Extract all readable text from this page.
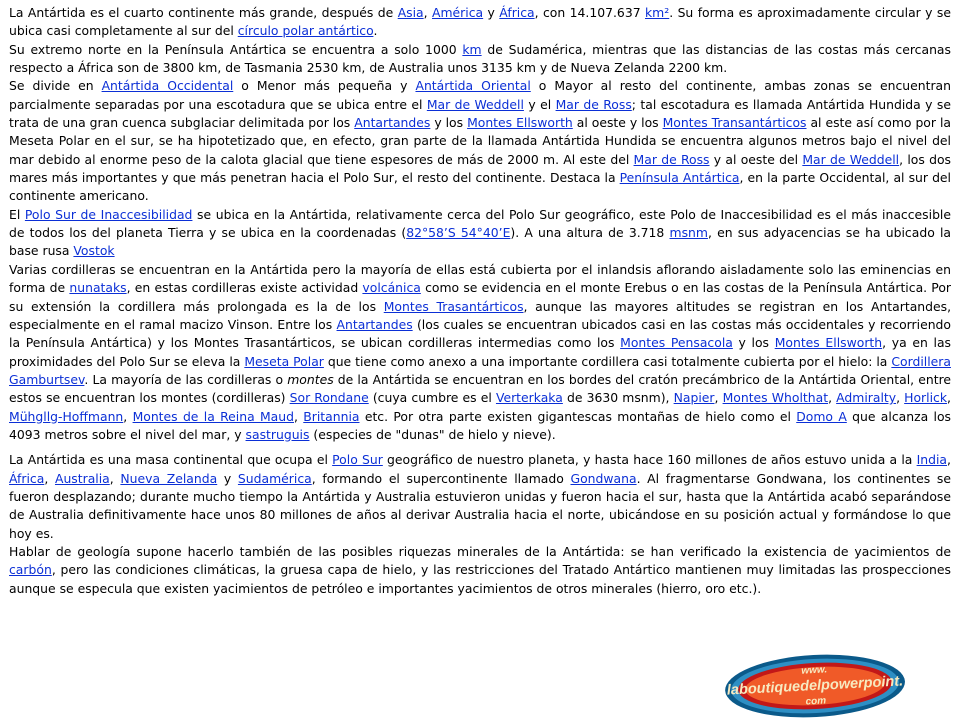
La Antártida es el cuarto continente más grande, después de Asia, América y África, con 14.107.637 km². Su forma es aproximadamente circular y se ubica casi completamente al sur del círculo polar antártico.

Su extremo norte en la Península Antártica se encuentra a solo 1000 km de Sudamérica, mientras que las distancias de las costas más cercanas respecto a África son de 3800 km, de Tasmania 2530 km, de Australia unos 3135 km y de Nueva Zelanda 2200 km.

Se divide en Antártida Occidental o Menor más pequeña y Antártida Oriental o Mayor al resto del continente, ambas zonas se encuentran parcialmente separadas por una escotadura que se ubica entre el Mar de Weddell y el Mar de Ross; tal escotadura es llamada Antártida Hundida y se trata de una gran cuenca subglaciar delimitada por los Antartandes y los Montes Ellsworth al oeste y los Montes Transantárticos al este así como por la Meseta Polar en el sur, se ha hipotetizado que, en efecto, gran parte de la llamada Antártida Hundida se encuentra algunos metros bajo el nivel del mar debido al enorme peso de la calota glacial que tiene espesores de más de 2000 m. Al este del Mar de Ross y al oeste del Mar de Weddell, los dos mares más importantes y que más penetran hacia el Polo Sur, el resto del continente. Destaca la Península Antártica, en la parte Occidental, al sur del continente americano.

El Polo Sur de Inaccesibilidad se ubica en la Antártida, relativamente cerca del Polo Sur geográfico, este Polo de Inaccesibilidad es el más inaccesible de todos los del planeta Tierra y se ubica en la coordenadas (82°58’S 54°40’E). A una altura de 3.718 msnm, en sus adyacencias se ha ubicado la base rusa Vostok

Varias cordilleras se encuentran en la Antártida pero la mayoría de ellas está cubierta por el inlandsis aflorando aisladamente solo las eminencias en forma de nunataks, en estas cordilleras existe actividad volcánica como se evidencia en el monte Erebus o en las costas de la Península Antártica. Por su extensión la cordillera más prolongada es la de los Montes Trasantárticos, aunque las mayores altitudes se registran en los Antartandes, especialmente en el ramal macizo Vinson. Entre los Antartandes (los cuales se encuentran ubicados casi en las costas más occidentales y recorriendo la Península Antártica) y los Montes Trasantárticos, se ubican cordilleras intermedias como los Montes Pensacola y los Montes Ellsworth, ya en las proximidades del Polo Sur se eleva la Meseta Polar que tiene como anexo a una importante cordillera casi totalmente cubierta por el hielo: la Cordillera Gamburtsev. La mayoría de las cordilleras o montes de la Antártida se encuentran en los bordes del cratón precámbrico de la Antártida Oriental, entre estos se encuentran los montes (cordilleras) Sor Rondane (cuya cumbre es el Verterkaka de 3630 msnm), Napier, Montes Wholthat, Admiralty, Horlick, Mühgllg-Hoffmann, Montes de la Reina Maud, Britannia etc. Por otra parte existen gigantescas montañas de hielo como el Domo A que alcanza los 4093 metros sobre el nivel del mar, y sastruguis (especies de "dunas" de hielo y nieve).

La Antártida es una masa continental que ocupa el Polo Sur geográfico de nuestro planeta, y hasta hace 160 millones de años estuvo unida a la India, África, Australia, Nueva Zelanda y Sudamérica, formando el supercontinente llamado Gondwana. Al fragmentarse Gondwana, los continentes se fueron desplazando; durante mucho tiempo la Antártida y Australia estuvieron unidas y fueron hacia el sur, hasta que la Antártida acabó separándose de Australia definitivamente hace unos 80 millones de años al derivar Australia hacia el norte, ubicándose en su posición actual y formándose lo que hoy es.

Hablar de geología supone hacerlo también de las posibles riquezas minerales de la Antártida: se han verificado la existencia de yacimientos de carbón, pero las condiciones climáticas, la gruesa capa de hielo, y las restricciones del Tratado Antártico mantienen muy limitadas las prospecciones aunque se especula que existen yacimientos de petróleo e importantes yacimientos de otros minerales (hierro, oro etc.).

www.
laboutiquedelpowerpoint.
com
